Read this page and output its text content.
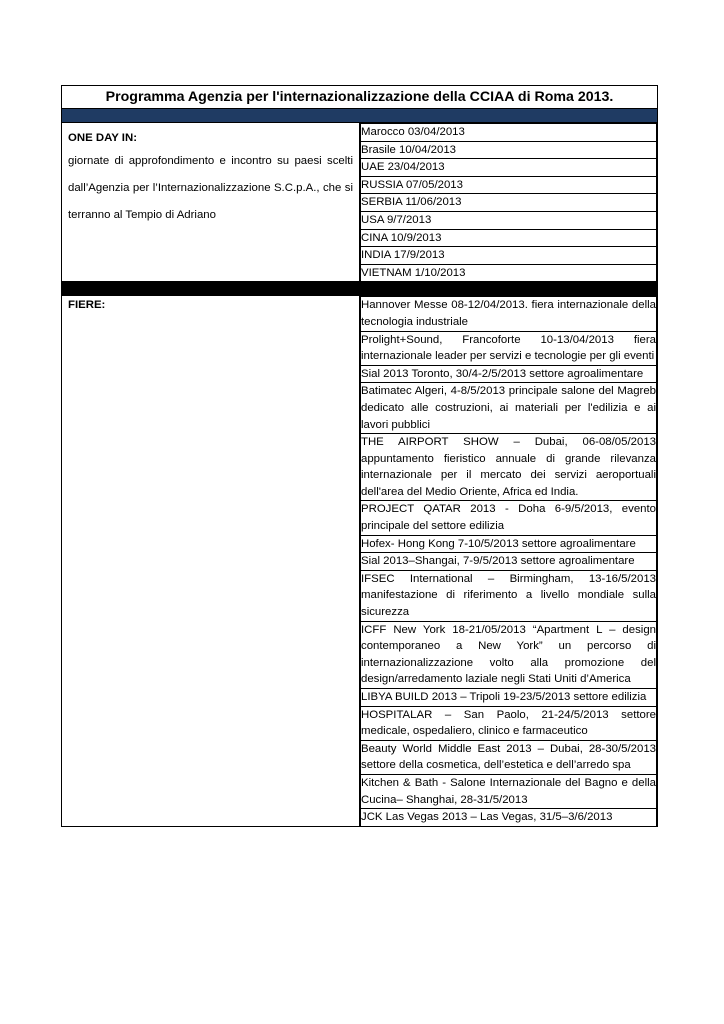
Programma Agenzia per l'internazionalizzazione della CCIAA di Roma 2013.

ONE DAY IN:
giornate di approfondimento e incontro su paesi scelti dall’Agenzia per l’Internazionalizzazione S.C.p.A., che si terranno al Tempio di Adriano

Marocco 03/04/2013
Brasile 10/04/2013
UAE 23/04/2013
RUSSIA 07/05/2013
SERBIA 11/06/2013
USA 9/7/2013
CINA 10/9/2013
INDIA 17/9/2013
VIETNAM 1/10/2013

FIERE:
		Hannover Messe 08-12/04/2013. fiera internazionale della tecnologia industriale
Prolight+Sound, Francoforte 10-13/04/2013 fiera internazionale leader per servizi e tecnologie per gli eventi
Sial 2013 Toronto, 30/4-2/5/2013 settore agroalimentare
Batimatec Algeri, 4-8/5/2013 principale salone del Magreb dedicato alle costruzioni, ai materiali per l'edilizia e ai lavori pubblici
THE AIRPORT SHOW – Dubai, 06-08/05/2013 appuntamento fieristico annuale di grande rilevanza internazionale per il mercato dei servizi aeroportuali dell'area del Medio Oriente, Africa ed India.
PROJECT QATAR 2013 - Doha 6-9/5/2013, evento principale del settore edilizia
Hofex- Hong Kong 7-10/5/2013 settore agroalimentare
Sial 2013–Shangai, 7-9/5/2013 settore agroalimentare
IFSEC International – Birmingham, 13-16/5/2013 manifestazione di riferimento a livello mondiale sulla sicurezza
ICFF New York 18-21/05/2013 “Apartment L – design contemporaneo a New York” un percorso di internazionalizzazione volto alla promozione del design/arredamento laziale negli Stati Uniti d’America
LIBYA BUILD 2013 – Tripoli 19-23/5/2013 settore edilizia
HOSPITALAR – San Paolo, 21-24/5/2013 settore medicale, ospedaliero, clinico e farmaceutico
Beauty World Middle East 2013 – Dubai, 28-30/5/2013 settore della cosmetica, dell’estetica e dell’arredo spa
Kitchen & Bath - Salone Internazionale del Bagno e della Cucina– Shanghai, 28-31/5/2013
JCK Las Vegas 2013 – Las Vegas, 31/5–3/6/2013
